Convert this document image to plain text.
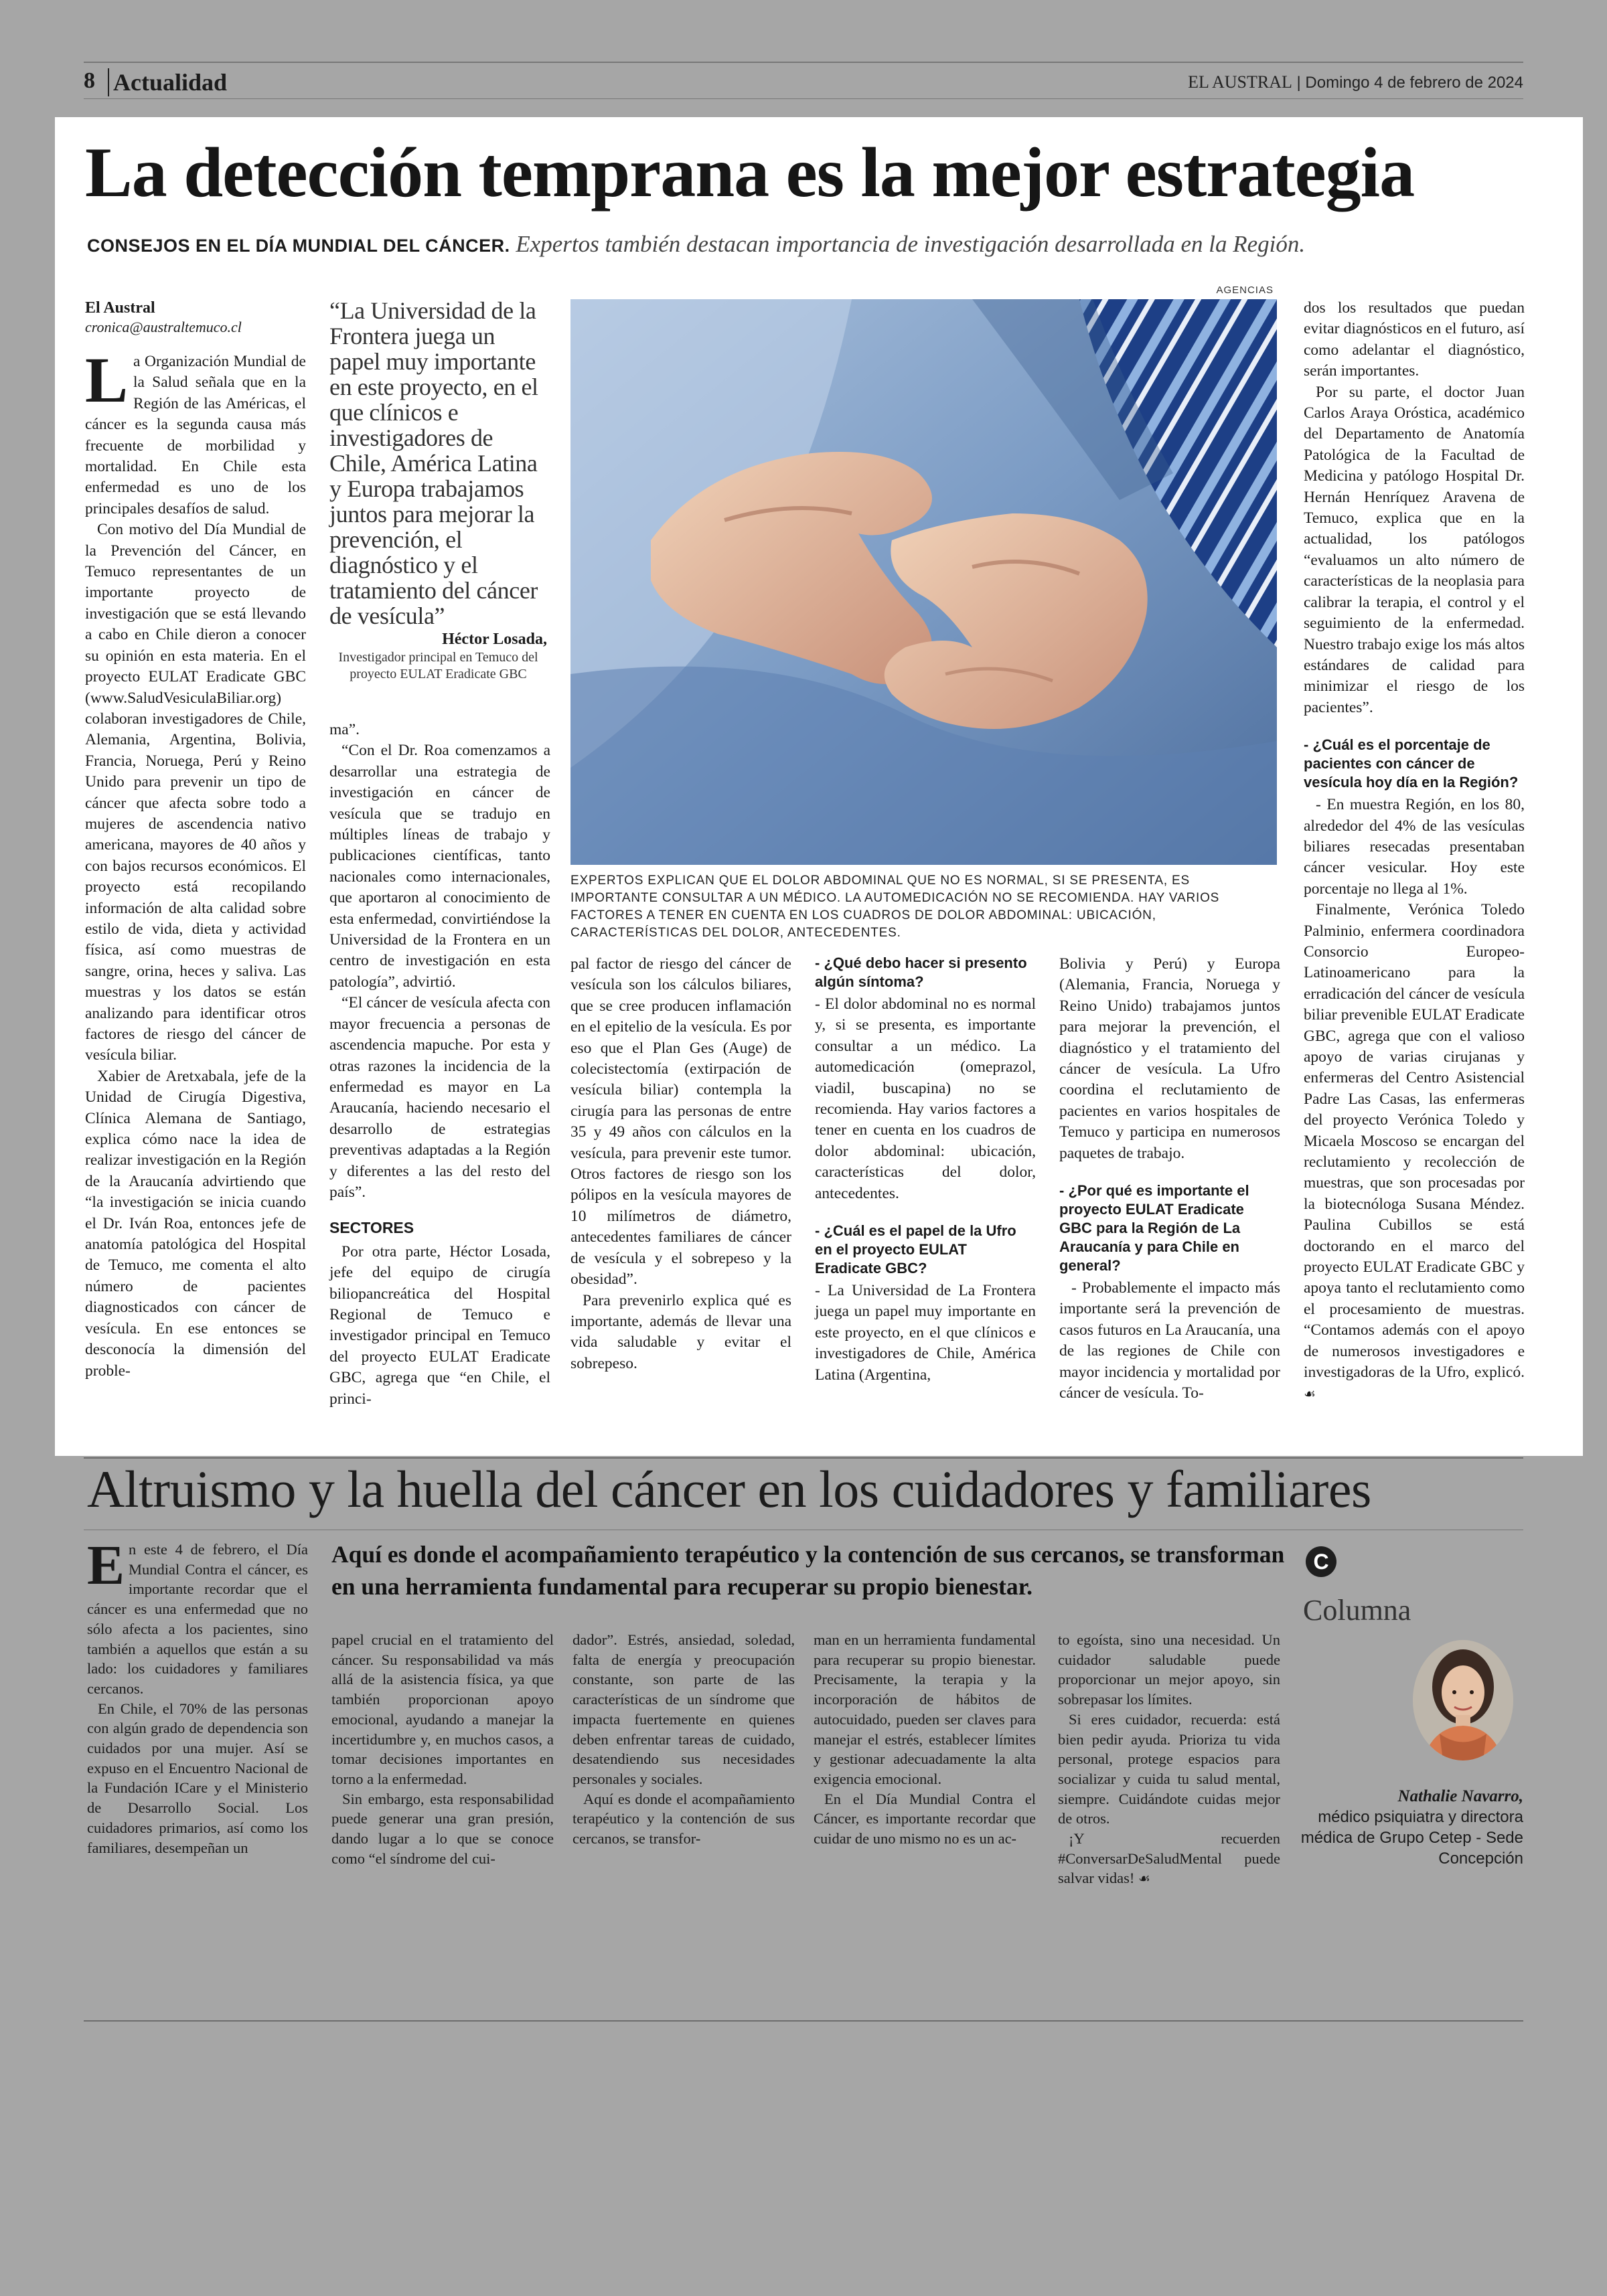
8 Actualidad	EL AUSTRAL | Domingo 4 de febrero de 2024
La detección temprana es la mejor estrategia
CONSEJOS EN EL DÍA MUNDIAL DEL CÁNCER. Expertos también destacan importancia de investigación desarrollada en la Región.
El Austral
cronica@australtemuco.cl

La Organización Mundial de la Salud señala que en la Región de las Américas, el cáncer es la segunda causa más frecuente de morbilidad y mortalidad. En Chile esta enfermedad es uno de los principales desafíos de salud.

Con motivo del Día Mundial de la Prevención del Cáncer, en Temuco representantes de un importante proyecto de investigación que se está llevando a cabo en Chile dieron a conocer su opinión en esta materia. En el proyecto EULAT Eradicate GBC (www.SaludVesiculaBiliar.org) colaboran investigadores de Chile, Alemania, Argentina, Bolivia, Francia, Noruega, Perú y Reino Unido para prevenir un tipo de cáncer que afecta sobre todo a mujeres de ascendencia nativo americana, mayores de 40 años y con bajos recursos económicos. El proyecto está recopilando información de alta calidad sobre estilo de vida, dieta y actividad física, así como muestras de sangre, orina, heces y saliva. Las muestras y los datos se están analizando para identificar otros factores de riesgo del cáncer de vesícula biliar.

Xabier de Aretxabala, jefe de la Unidad de Cirugía Digestiva, Clínica Alemana de Santiago, explica cómo nace la idea de realizar investigación en la Región de la Araucanía advirtiendo que “la investigación se inicia cuando el Dr. Iván Roa, entonces jefe de anatomía patológica del Hospital de Temuco, me comenta el alto número de pacientes diagnosticados con cáncer de vesícula. En ese entonces se desconocía la dimensión del proble-

“La Universidad de la Frontera juega un papel muy importante en este proyecto, en el que clínicos e investigadores de Chile, América Latina y Europa trabajamos juntos para mejorar la prevención, el diagnóstico y el tratamiento del cáncer de vesícula”
Héctor Losada,
Investigador principal en Temuco del proyecto EULAT Eradicate GBC

ma”.

“Con el Dr. Roa comenzamos a desarrollar una estrategia de investigación en cáncer de vesícula que se tradujo en múltiples líneas de trabajo y publicaciones científicas, tanto nacionales como internacionales, que aportaron al conocimiento de esta enfermedad, convirtiéndose la Universidad de la Frontera en un centro de investigación en esta patología”, advirtió.

“El cáncer de vesícula afecta con mayor frecuencia a personas de ascendencia mapuche. Por esta y otras razones la incidencia de la enfermedad es mayor en La Araucanía, haciendo necesario el desarrollo de estrategias preventivas adaptadas a la Región y diferentes a las del resto del país”.

SECTORES

Por otra parte, Héctor Losada, jefe del equipo de cirugía biliopancreática del Hospital Regional de Temuco e investigador principal en Temuco del proyecto EULAT Eradicate GBC, agrega que “en Chile, el princi-

AGENCIAS
EXPERTOS EXPLICAN QUE EL DOLOR ABDOMINAL QUE NO ES NORMAL, SI SE PRESENTA, ES IMPORTANTE CONSULTAR A UN MÉDICO. LA AUTOMEDICACIÓN NO SE RECOMIENDA. HAY VARIOS FACTORES A TENER EN CUENTA EN LOS CUADROS DE DOLOR ABDOMINAL: UBICACIÓN, CARACTERÍSTICAS DEL DOLOR, ANTECEDENTES.

pal factor de riesgo del cáncer de vesícula son los cálculos biliares, que se cree producen inflamación en el epitelio de la vesícula. Es por eso que el Plan Ges (Auge) de colecistectomía (extirpación de vesícula biliar) contempla la cirugía para las personas de entre 35 y 49 años con cálculos en la vesícula, para prevenir este tumor. Otros factores de riesgo son los pólipos en la vesícula mayores de 10 milímetros de diámetro, antecedentes familiares de cáncer de vesícula y el sobrepeso y la obesidad”.

Para prevenirlo explica qué es importante, además de llevar una vida saludable y evitar el sobrepeso.

- ¿Qué debo hacer si presento algún síntoma?

- El dolor abdominal no es normal y, si se presenta, es importante consultar a un médico. La automedicación (omeprazol, viadil, buscapina) no se recomienda. Hay varios factores a tener en cuenta en los cuadros de dolor abdominal: ubicación, características del dolor, antecedentes.

- ¿Cuál es el papel de la Ufro en el proyecto EULAT Eradicate GBC?

- La Universidad de La Frontera juega un papel muy importante en este proyecto, en el que clínicos e investigadores de Chile, América Latina (Argentina,

Bolivia y Perú) y Europa (Alemania, Francia, Noruega y Reino Unido) trabajamos juntos para mejorar la prevención, el diagnóstico y el tratamiento del cáncer de vesícula. La Ufro coordina el reclutamiento de pacientes en varios hospitales de Temuco y participa en numerosos paquetes de trabajo.

- ¿Por qué es importante el proyecto EULAT Eradicate GBC para la Región de La Araucanía y para Chile en general?

- Probablemente el impacto más importante será la prevención de casos futuros en La Araucanía, una de las regiones de Chile con mayor incidencia y mortalidad por cáncer de vesícula. To-

dos los resultados que puedan evitar diagnósticos en el futuro, así como adelantar el diagnóstico, serán importantes.

Por su parte, el doctor Juan Carlos Araya Oróstica, académico del Departamento de Anatomía Patológica de la Facultad de Medicina y patólogo Hospital Dr. Hernán Henríquez Aravena de Temuco, explica que en la actualidad, los patólogos “evaluamos un alto número de características de la neoplasia para calibrar la terapia, el control y el seguimiento de la enfermedad. Nuestro trabajo exige los más altos estándares de calidad para minimizar el riesgo de los pacientes”.

- ¿Cuál es el porcentaje de pacientes con cáncer de vesícula hoy día en la Región?

- En muestra Región, en los 80, alrededor del 4% de las vesículas biliares resecadas presentaban cáncer vesicular. Hoy este porcentaje no llega al 1%.

Finalmente, Verónica Toledo Palminio, enfermera coordinadora Consorcio Europeo-Latinoamericano para la erradicación del cáncer de vesícula biliar prevenible EULAT Eradicate GBC, agrega que con el valioso apoyo de varias cirujanas y enfermeras del Centro Asistencial Padre Las Casas, las enfermeras del proyecto Verónica Toledo y Micaela Moscoso se encargan del reclutamiento y recolección de muestras, que son procesadas por la biotecnóloga Susana Méndez. Paulina Cubillos se está doctorando en el marco del proyecto EULAT Eradicate GBC y apoya tanto el reclutamiento como el procesamiento de muestras. “Contamos además con el apoyo de numerosos investigadores e investigadoras de la Ufro, explicó. ☙

Altruismo y la huella del cáncer en los cuidadores y familiares

En este 4 de febrero, el Día Mundial Contra el cáncer, es importante recordar que el cáncer es una enfermedad que no sólo afecta a los pacientes, sino también a aquellos que están a su lado: los cuidadores y familiares cercanos.

En Chile, el 70% de las personas con algún grado de dependencia son cuidados por una mujer. Así se expuso en el Encuentro Nacional de la Fundación ICare y el Ministerio de Desarrollo Social. Los cuidadores primarios, así como los familiares, desempeñan un

Aquí es donde el acompañamiento terapéutico y la contención de sus cercanos, se transforman en una herramienta fundamental para recuperar su propio bienestar.

papel crucial en el tratamiento del cáncer. Su responsabilidad va más allá de la asistencia física, ya que también proporcionan apoyo emocional, ayudando a manejar la incertidumbre y, en muchos casos, a tomar decisiones importantes en torno a la enfermedad.

Sin embargo, esta responsabilidad puede generar una gran presión, dando lugar a lo que se conoce como “el síndrome del cui-

dador”. Estrés, ansiedad, soledad, falta de energía y preocupación constante, son parte de las características de un síndrome que impacta fuertemente en quienes deben enfrentar tareas de cuidado, desatendiendo sus necesidades personales y sociales.

Aquí es donde el acompañamiento terapéutico y la contención de sus cercanos, se transfor-

man en un herramienta fundamental para recuperar su propio bienestar. Precisamente, la terapia y la incorporación de hábitos de autocuidado, pueden ser claves para manejar el estrés, establecer límites y gestionar adecuadamente la alta exigencia emocional.

En el Día Mundial Contra el Cáncer, es importante recordar que cuidar de uno mismo no es un ac-

to egoísta, sino una necesidad. Un cuidador saludable puede proporcionar un mejor apoyo, sin sobrepasar los límites.

Si eres cuidador, recuerda: está bien pedir ayuda. Prioriza tu vida personal, protege espacios para socializar y cuida tu salud mental, siempre. Cuidándote cuidas mejor de otros.

¡Y recuerden #ConversarDeSaludMental puede salvar vidas! ☙

C
Columna
Nathalie Navarro,
médico psiquiatra y directora médica de Grupo Cetep - Sede Concepción
